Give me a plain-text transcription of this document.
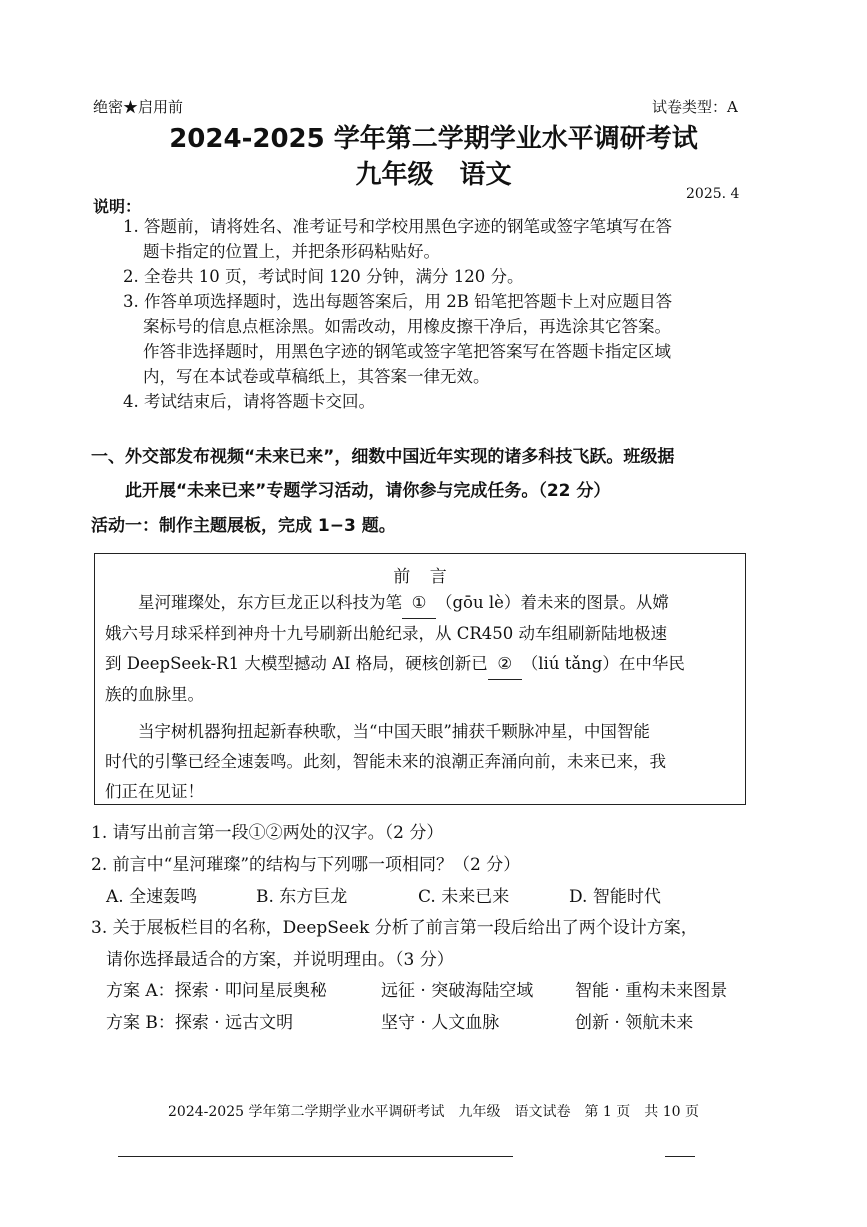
绝密★启用前	试卷类型：A
2024-2025 学年第二学期学业水平调研考试
九年级　语文
2025. 4
说明：
1. 答题前，请将姓名、准考证号和学校用黑色字迹的钢笔或签字笔填写在答
题卡指定的位置上，并把条形码粘贴好。
2. 全卷共 10 页，考试时间 120 分钟，满分 120 分。
3. 作答单项选择题时，选出每题答案后，用 2B 铅笔把答题卡上对应题目答
案标号的信息点框涂黑。如需改动，用橡皮擦干净后，再选涂其它答案。
作答非选择题时，用黑色字迹的钢笔或签字笔把答案写在答题卡指定区域
内，写在本试卷或草稿纸上，其答案一律无效。
4. 考试结束后，请将答题卡交回。
一、外交部发布视频“未来已来”，细数中国近年实现的诸多科技飞跃。班级据
此开展“未来已来”专题学习活动，请你参与完成任务。（22 分）
活动一：制作主题展板，完成 1−3 题。
前 言
星河璀璨处，东方巨龙正以科技为笔 ① （gōu lè）着未来的图景。从嫦
娥六号月球采样到神舟十九号刷新出舱纪录，从 CR450 动车组刷新陆地极速
到 DeepSeek-R1 大模型撼动 AI 格局，硬核创新已 ② （liú tǎng）在中华民
族的血脉里。
当宇树机器狗扭起新春秧歌，当“中国天眼”捕获千颗脉冲星，中国智能
时代的引擎已经全速轰鸣。此刻，智能未来的浪潮正奔涌向前，未来已来，我
们正在见证！
1. 请写出前言第一段①②两处的汉字。（2 分）
2. 前言中“星河璀璨”的结构与下列哪一项相同？（2 分）
A. 全速轰鸣	B. 东方巨龙	C. 未来已来	D. 智能时代
3. 关于展板栏目的名称，DeepSeek 分析了前言第一段后给出了两个设计方案，
请你选择最适合的方案，并说明理由。（3 分）
方案 A：探索 · 叩问星辰奥秘	远征 · 突破海陆空域 智能 · 重构未来图景
方案 B：探索 · 远古文明	坚守 · 人文血脉	创新 · 领航未来
2024-2025 学年第二学期学业水平调研考试　九年级　语文试卷　第 1 页　共 10 页
